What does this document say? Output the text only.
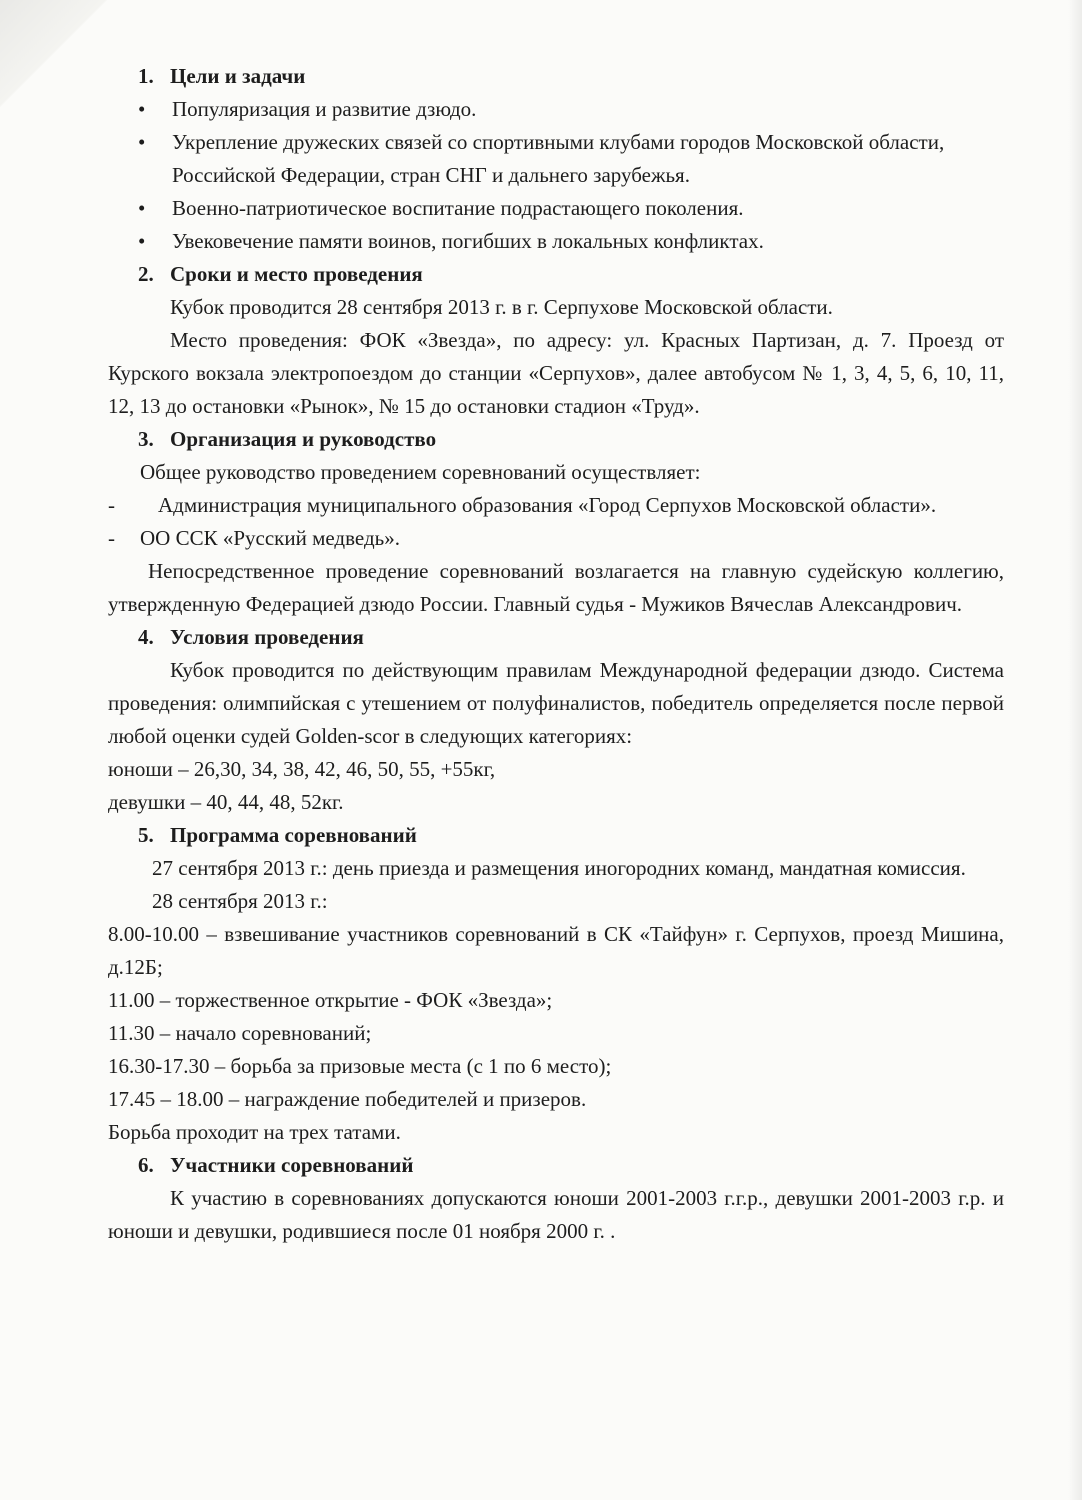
1. Цели и задачи

•	Популяризация и развитие дзюдо.
•	Укрепление дружеских связей со спортивными клубами городов Московской области, Российской Федерации, стран СНГ и дальнего зарубежья.
•	Военно-патриотическое воспитание подрастающего поколения.
•	Увековечение памяти воинов, погибших в локальных конфликтах.

2. Сроки и место проведения

Кубок проводится 28 сентября 2013 г. в г. Серпухове Московской области.

Место проведения: ФОК «Звезда», по адресу: ул. Красных Партизан, д. 7. Проезд от Курского вокзала электропоездом до станции «Серпухов», далее автобусом № 1, 3, 4, 5, 6, 10, 11, 12, 13 до остановки «Рынок», № 15 до остановки стадион «Труд».

3. Организация и руководство

Общее руководство проведением соревнований осуществляет:

-	Администрация муниципального образования «Город Серпухов Московской области».
-	ОО ССК «Русский медведь».

Непосредственное проведение соревнований возлагается на главную судейскую коллегию, утвержденную Федерацией дзюдо России. Главный судья - Мужиков Вячеслав Александрович.

4. Условия проведения

Кубок проводится по действующим правилам Международной федерации дзюдо. Система проведения: олимпийская с утешением от полуфиналистов, победитель определяется после первой любой оценки судей Golden-scor в следующих категориях:

юноши – 26,30, 34, 38, 42, 46, 50, 55, +55кг,

девушки – 40, 44, 48, 52кг.

5. Программа соревнований

27 сентября 2013 г.: день приезда и размещения иногородних команд, мандатная комиссия.

28 сентября 2013 г.:

8.00-10.00 – взвешивание участников соревнований в СК «Тайфун» г. Серпухов, проезд Мишина, д.12Б;

11.00 – торжественное открытие - ФОК «Звезда»;

11.30 – начало соревнований;

16.30-17.30 – борьба за призовые места (с 1 по 6 место);

17.45 – 18.00 – награждение победителей и призеров.

Борьба проходит на трех татами.

6. Участники соревнований

К участию в соревнованиях допускаются юноши 2001-2003 г.г.р., девушки 2001-2003 г.р. и юноши и девушки, родившиеся после 01 ноября 2000 г. .
